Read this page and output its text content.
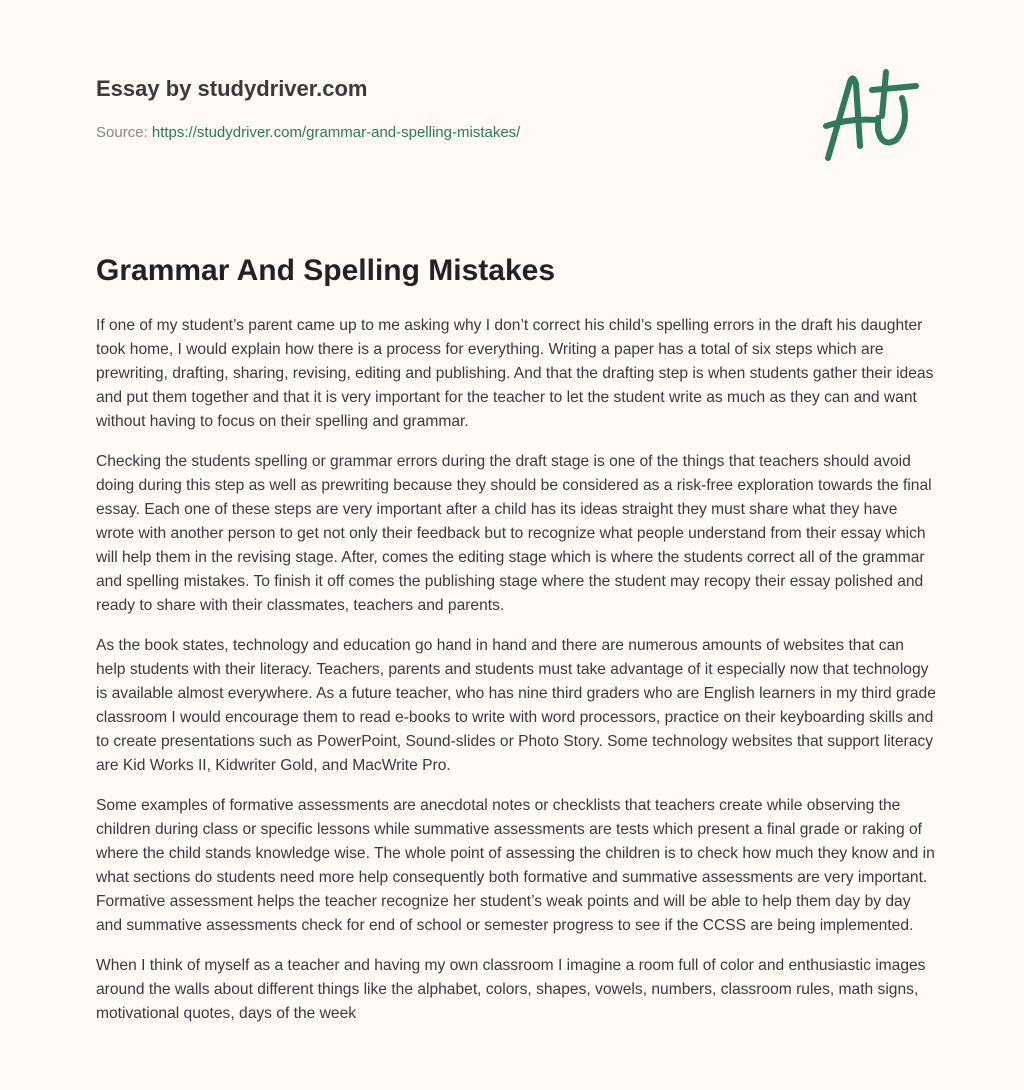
Essay by studydriver.com
Source: https://studydriver.com/grammar-and-spelling-mistakes/
Grammar And Spelling Mistakes

If one of my student’s parent came up to me asking why I don’t correct his child’s spelling errors in the draft his daughter took home, I would explain how there is a process for everything. Writing a paper has a total of six steps which are prewriting, drafting, sharing, revising, editing and publishing. And that the drafting step is when students gather their ideas and put them together and that it is very important for the teacher to let the student write as much as they can and want without having to focus on their spelling and grammar.

Checking the students spelling or grammar errors during the draft stage is one of the things that teachers should avoid doing during this step as well as prewriting because they should be considered as a risk-free exploration towards the final essay. Each one of these steps are very important after a child has its ideas straight they must share what they have wrote with another person to get not only their feedback but to recognize what people understand from their essay which will help them in the revising stage. After, comes the editing stage which is where the students correct all of the grammar and spelling mistakes. To finish it off comes the publishing stage where the student may recopy their essay polished and ready to share with their classmates, teachers and parents.

As the book states, technology and education go hand in hand and there are numerous amounts of websites that can help students with their literacy. Teachers, parents and students must take advantage of it especially now that technology is available almost everywhere. As a future teacher, who has nine third graders who are English learners in my third grade classroom I would encourage them to read e-books to write with word processors, practice on their keyboarding skills and to create presentations such as PowerPoint, Sound-slides or Photo Story. Some technology websites that support literacy are Kid Works II, Kidwriter Gold, and MacWrite Pro.

Some examples of formative assessments are anecdotal notes or checklists that teachers create while observing the children during class or specific lessons while summative assessments are tests which present a final grade or raking of where the child stands knowledge wise. The whole point of assessing the children is to check how much they know and in what sections do students need more help consequently both formative and summative assessments are very important. Formative assessment helps the teacher recognize her student’s weak points and will be able to help them day by day and summative assessments check for end of school or semester progress to see if the CCSS are being implemented.

When I think of myself as a teacher and having my own classroom I imagine a room full of color and enthusiastic images around the walls about different things like the alphabet, colors, shapes, vowels, numbers, classroom rules, math signs, motivational quotes, days of the week
